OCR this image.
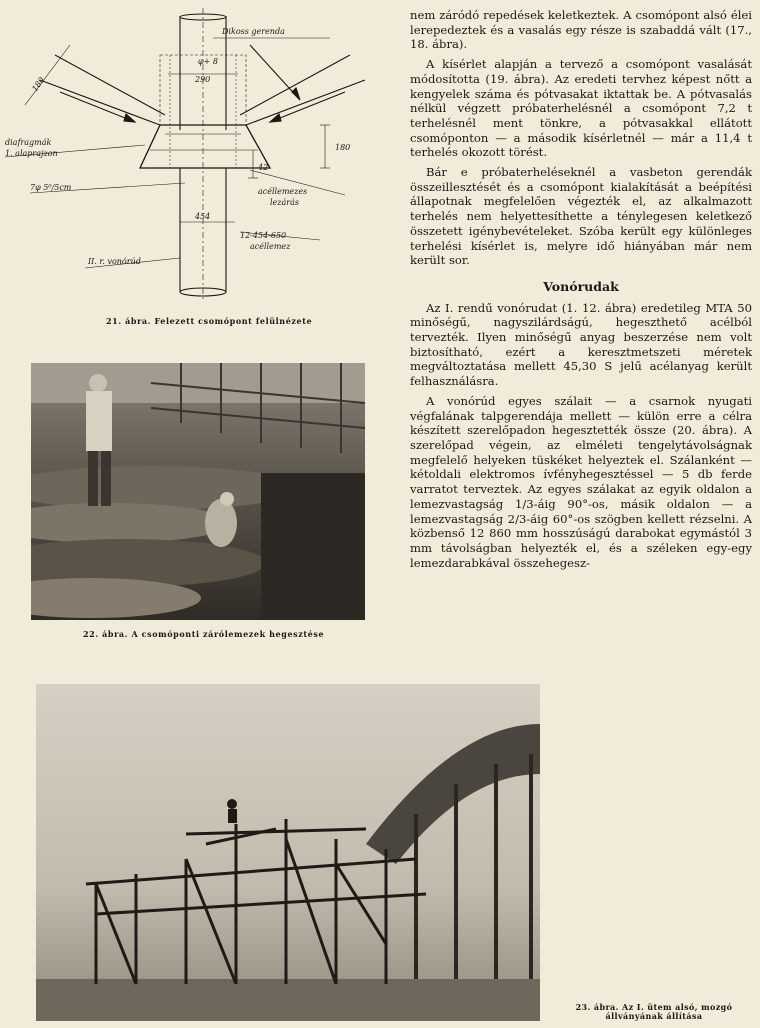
Dikoss gerenda
180
φ+ 8
290
180
42
diafragmák
1. alaprajzon
7φ 5⁰/5cm	acéllemezes
lezárás
454
12-454-650
acéllemez
II. r. vonórúd
21. ábra. Felezett csomópont felülnézete
22. ábra. A csomóponti zárólemezek hegesztése

nem záródó repedések keletkeztek. A csomópont alsó élei lerepedeztek és a vasalás egy része is szabaddá vált (17., 18. ábra).

A kísérlet alapján a tervező a csomópont vasalását módosította (19. ábra). Az eredeti tervhez képest nőtt a kengyelek száma és pótvasakat iktattak be. A pótvasalás nélkül végzett próbaterhelésnél a csomópont 7,2 t terhelésnél ment tönkre, a pótvasakkal ellátott csomóponton — a második kísérletnél — már a 11,4 t terhelés okozott törést.

Bár e próbaterheléseknél a vasbeton gerendák összeillesztését és a csomópont kialakítását a beépítési állapotnak megfelelően végezték el, az alkalmazott terhelés nem helyettesíthette a ténylegesen keletkező összetett igénybevételeket. Szóba került egy különleges terhelési kísérlet is, melyre idő hiányában már nem került sor.

Vonórudak

Az I. rendű vonórudat (1. 12. ábra) eredetileg MTA 50 minőségű, nagyszilárdságú, hegeszthető acélból tervezték. Ilyen minőségű anyag beszerzése nem volt biztosítható, ezért a keresztmetszeti méretek megváltoztatása mellett 45,30 S jelű acélanyag került felhasználásra.

A vonórúd egyes szálait — a csarnok nyugati végfalának talpgerendája mellett — külön erre a célra készített szerelőpadon hegesztették össze (20. ábra). A szerelőpad végein, az elméleti tengelytávolságnak megfelelő helyeken tüskéket helyeztek el. Szálanként — kétoldali elektromos ívfényhegesztéssel — 5 db ferde varratot terveztek. Az egyes szálakat az egyik oldalon a lemezvastagság 1/3-áig 90°-os, másik oldalon — a lemezvastagság 2/3-áig 60°-os szögben kellett rézselni. A közbenső 12 860 mm hosszúságú darabokat egymástól 3 mm távolságban helyezték el, és a széleken egy-egy lemezdarabkával összehegesz-

23. ábra. Az I. ütem alsó, mozgó
állványának állítása
